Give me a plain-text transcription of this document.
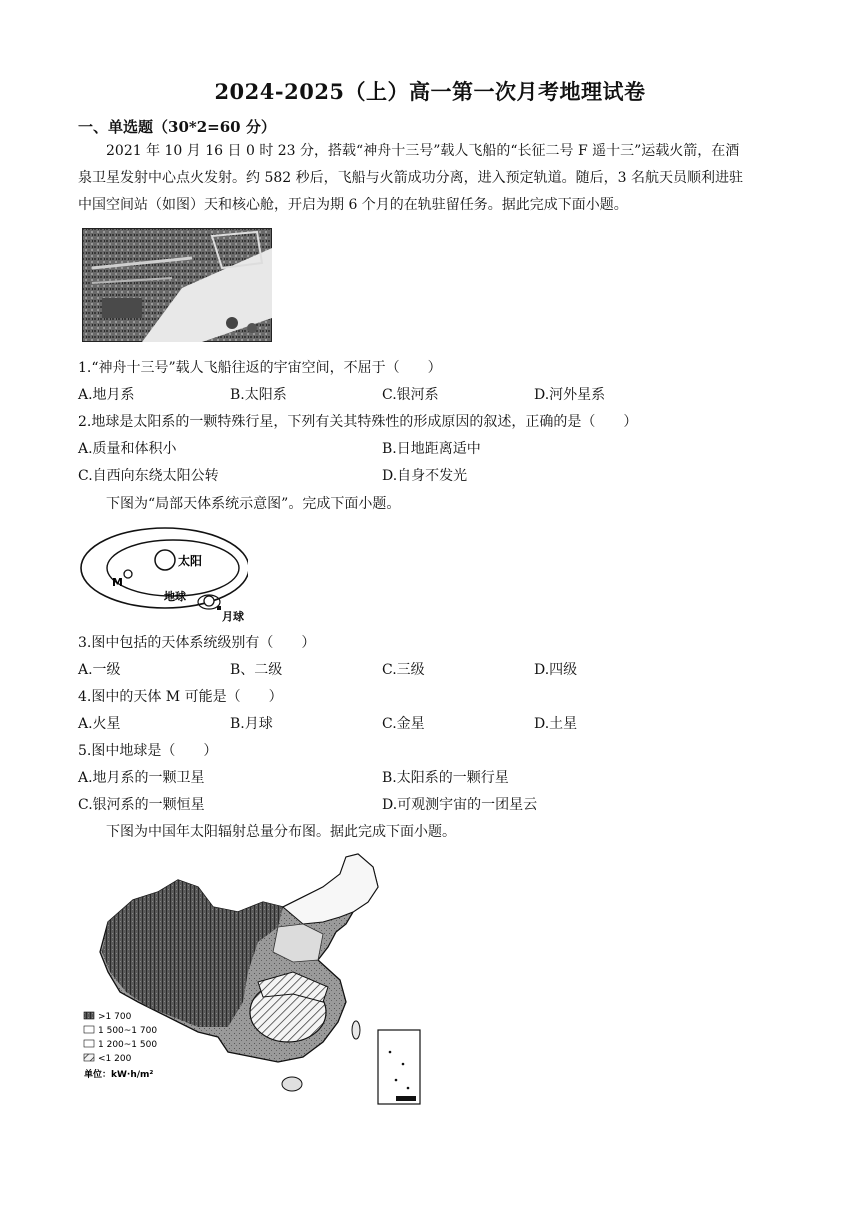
2024-2025（上）高一第一次月考地理试卷
一、单选题（30*2=60 分）
2021 年 10 月 16 日 0 时 23 分，搭载“神舟十三号”载人飞船的“长征二号 F 遥十三”运载火箭，在酒
泉卫星发射中心点火发射。约 582 秒后，飞船与火箭成功分离，进入预定轨道。随后，3 名航天员顺利进驻
中国空间站（如图）天和核心舱，开启为期 6 个月的在轨驻留任务。据此完成下面小题。
1.“神舟十三号”载人飞船往返的宇宙空间，不屈于（　　）
A.地月系	B.太阳系	C.银河系	D.河外星系
2.地球是太阳系的一颗特殊行星，下列有关其特殊性的形成原因的叙述，正确的是（　　）
A.质量和体积小	B.日地距离适中
C.自西向东绕太阳公转	D.自身不发光
下图为“局部天体系统示意图”。完成下面小题。
太阳
M
地球
月球
3.图中包括的天体系统级别有（　　）
A.一级	B、二级	C.三级	D.四级
4.图中的天体 M 可能是（　　）
A.火星	B.月球	C.金星	D.土星
5.图中地球是（　　）
A.地月系的一颗卫星	B.太阳系的一颗行星
C.银河系的一颗恒星	D.可观测宇宙的一团星云
下图为中国年太阳辐射总量分布图。据此完成下面小题。
>1 700
1 500~1 700
1 200~1 500
<1 200
单位：kW·h/m²
